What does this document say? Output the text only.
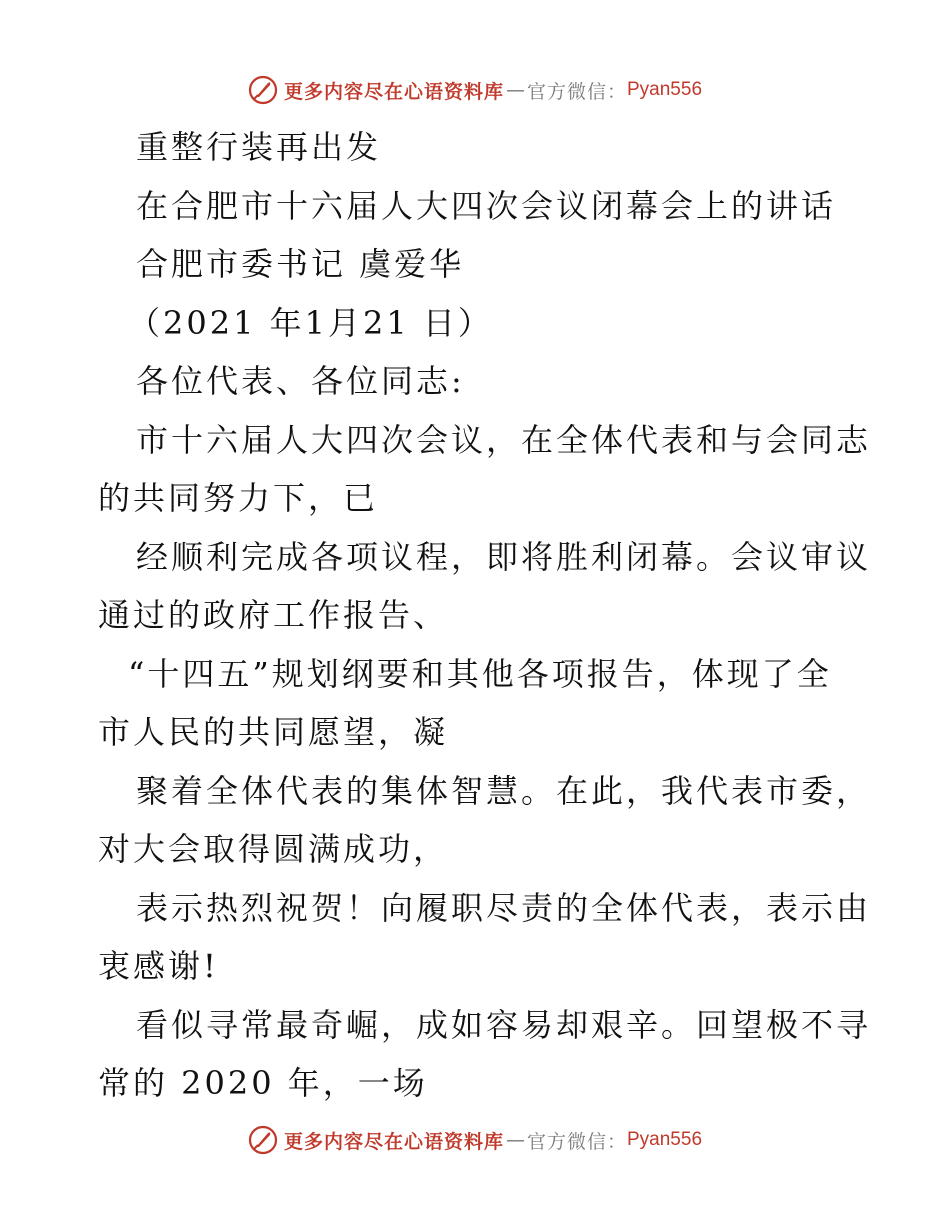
更多内容尽在心语资料库 — 官方微信： Pyan556
重整行装再出发
在合肥市十六届人大四次会议闭幕会上的讲话
合肥市委书记 虞爱华
（2021 年1月21 日）
各位代表、各位同志:
市十六届人大四次会议，在全体代表和与会同志
的共同努力下，已
经顺利完成各项议程，即将胜利闭幕。会议审议
通过的政府工作报告、
“十四五”规划纲要和其他各项报告，体现了全
市人民的共同愿望，凝
聚着全体代表的集体智慧。在此，我代表市委，
对大会取得圆满成功，
表示热烈祝贺！向履职尽责的全体代表，表示由
衷感谢!
看似寻常最奇崛，成如容易却艰辛。回望极不寻
常的 2020 年，一场
更多内容尽在心语资料库 — 官方微信： Pyan556
